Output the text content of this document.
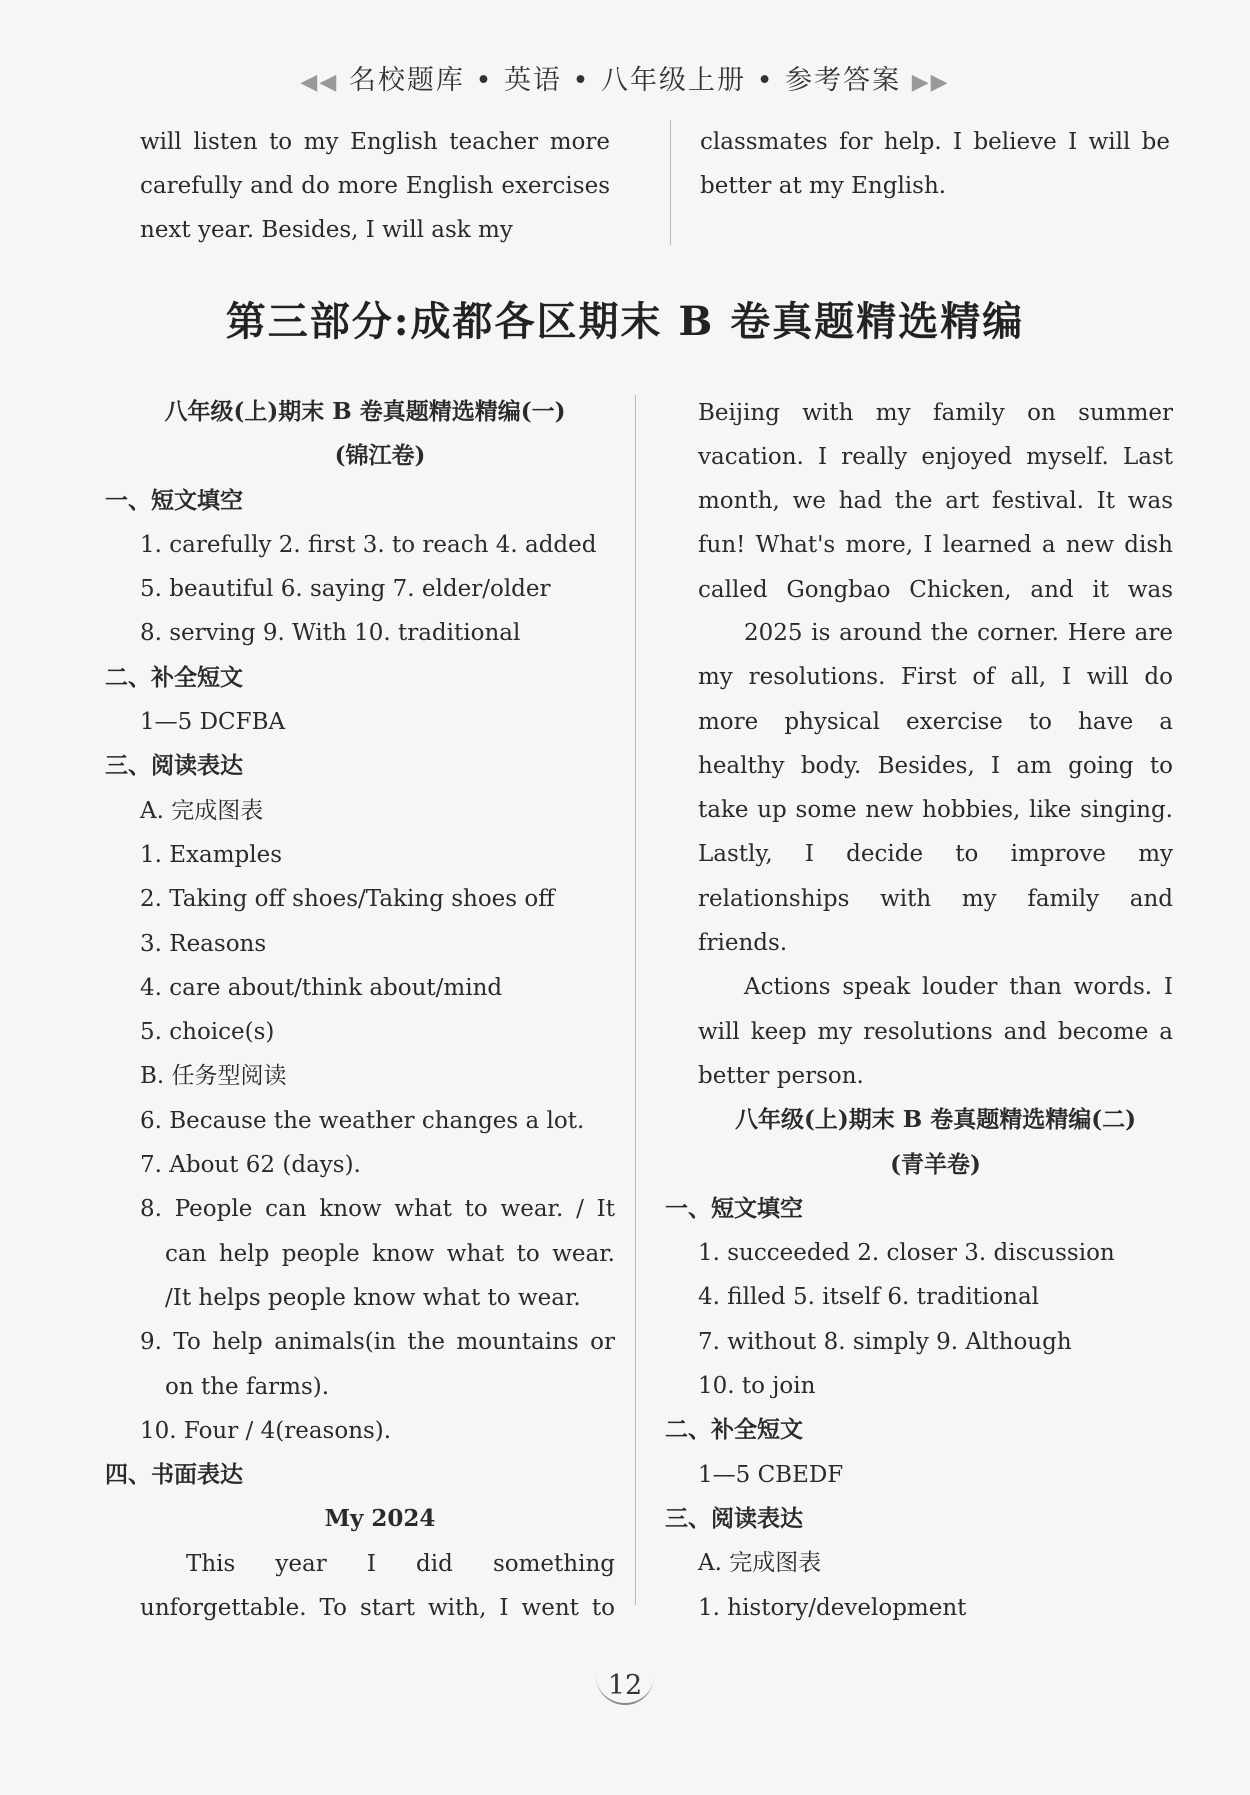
◀◀ 名校题库 • 英语 • 八年级上册 • 参考答案 ▶▶
will listen to my English teacher more carefully and do more English exercises next year. Besides, I will ask my
classmates for help. I believe I will be better at my English.
第三部分:成都各区期末 B 卷真题精选精编
八年级(上)期末 B 卷真题精选精编(一)
(锦江卷)
一、短文填空
1. carefully 2. first 3. to reach 4. added
5. beautiful 6. saying 7. elder/older
8. serving 9. With 10. traditional
二、补全短文
1—5 DCFBA
三、阅读表达
A. 完成图表
1. Examples
2. Taking off shoes/Taking shoes off
3. Reasons
4. care about/think about/mind
5. choice(s)
B. 任务型阅读
6. Because the weather changes a lot.
7. About 62 (days).
8. People can know what to wear. / It can help people know what to wear. /It helps people know what to wear.
9. To help animals(in the mountains or on the farms).
10. Four / 4(reasons).
四、书面表达
My 2024
This year I did something unforgettable. To start with, I went to
Beijing with my family on summer vacation. I really enjoyed myself. Last month, we had the art festival. It was fun! What's more, I learned a new dish called Gongbao Chicken, and it was
2025 is around the corner. Here are my resolutions. First of all, I will do more physical exercise to have a healthy body. Besides, I am going to take up some new hobbies, like singing. Lastly, I decide to improve my relationships with my family and friends.
Actions speak louder than words. I will keep my resolutions and become a better person.
八年级(上)期末 B 卷真题精选精编(二)
(青羊卷)
一、短文填空
1. succeeded 2. closer 3. discussion
4. filled 5. itself 6. traditional
7. without 8. simply 9. Although
10. to join
二、补全短文
1—5 CBEDF
三、阅读表达
A. 完成图表
1. history/development
12
